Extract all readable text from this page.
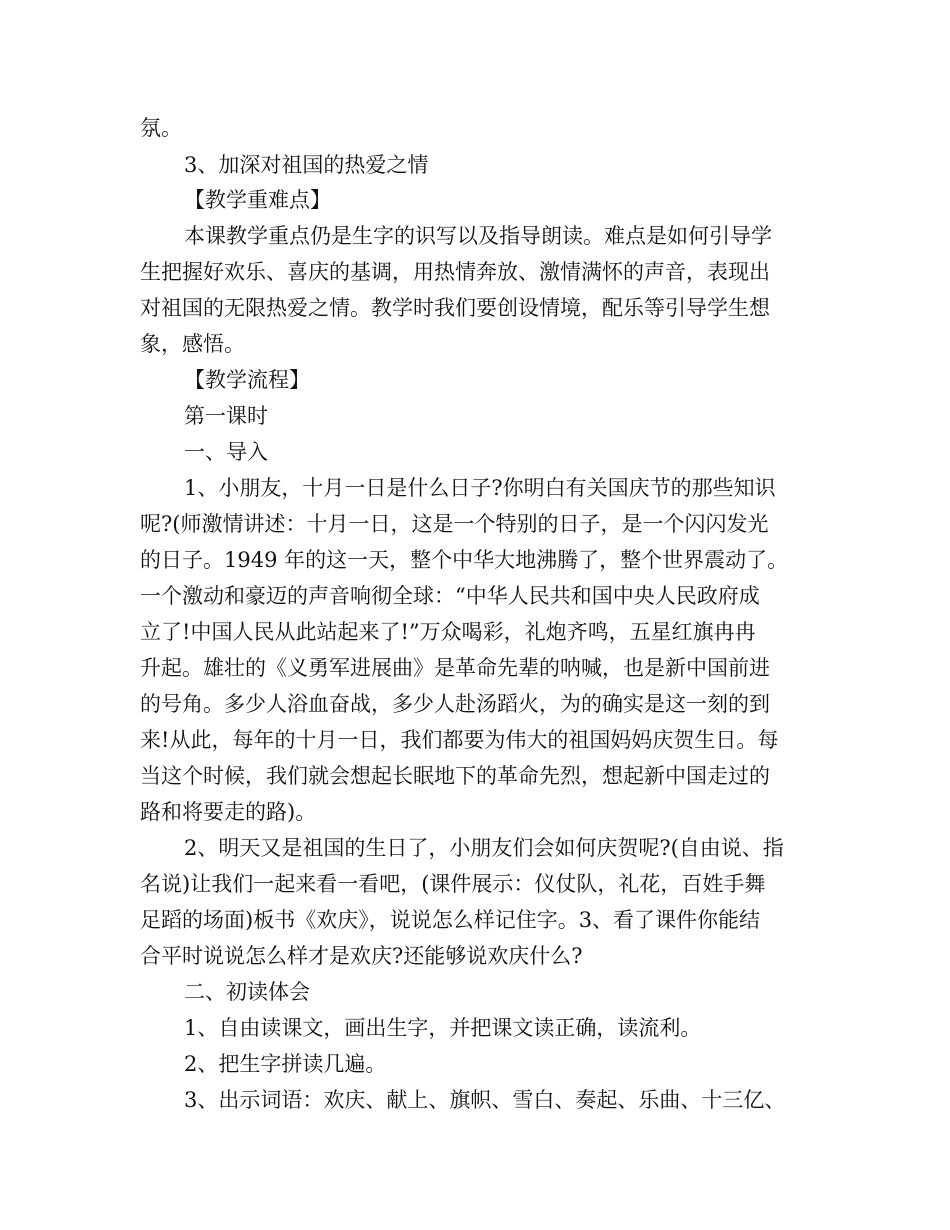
氛。

3、加深对祖国的热爱之情

【教学重难点】

本课教学重点仍是生字的识写以及指导朗读。难点是如何引导学

生把握好欢乐、喜庆的基调，用热情奔放、激情满怀的声音，表现出

对祖国的无限热爱之情。教学时我们要创设情境，配乐等引导学生想

象，感悟。

【教学流程】

第一课时

一、导入

1、小朋友，十月一日是什么日子?你明白有关国庆节的那些知识

呢?(师激情讲述：十月一日，这是一个特别的日子，是一个闪闪发光

的日子。1949 年的这一天，整个中华大地沸腾了，整个世界震动了。

一个激动和豪迈的声音响彻全球：“中华人民共和国中央人民政府成

立了!中国人民从此站起来了!”万众喝彩，礼炮齐鸣，五星红旗冉冉

升起。雄壮的《义勇军进展曲》是革命先辈的呐喊，也是新中国前进

的号角。多少人浴血奋战，多少人赴汤蹈火，为的确实是这一刻的到

来!从此，每年的十月一日，我们都要为伟大的祖国妈妈庆贺生日。每

当这个时候，我们就会想起长眠地下的革命先烈，想起新中国走过的

路和将要走的路)。

2、明天又是祖国的生日了，小朋友们会如何庆贺呢?(自由说、指

名说)让我们一起来看一看吧，(课件展示：仪仗队，礼花，百姓手舞

足蹈的场面)板书《欢庆》，说说怎么样记住字。3、看了课件你能结

合平时说说怎么样才是欢庆?还能够说欢庆什么?

二、初读体会

1、自由读课文，画出生字，并把课文读正确，读流利。

2、把生字拼读几遍。

3、出示词语：欢庆、献上、旗帜、雪白、奏起、乐曲、十三亿、
